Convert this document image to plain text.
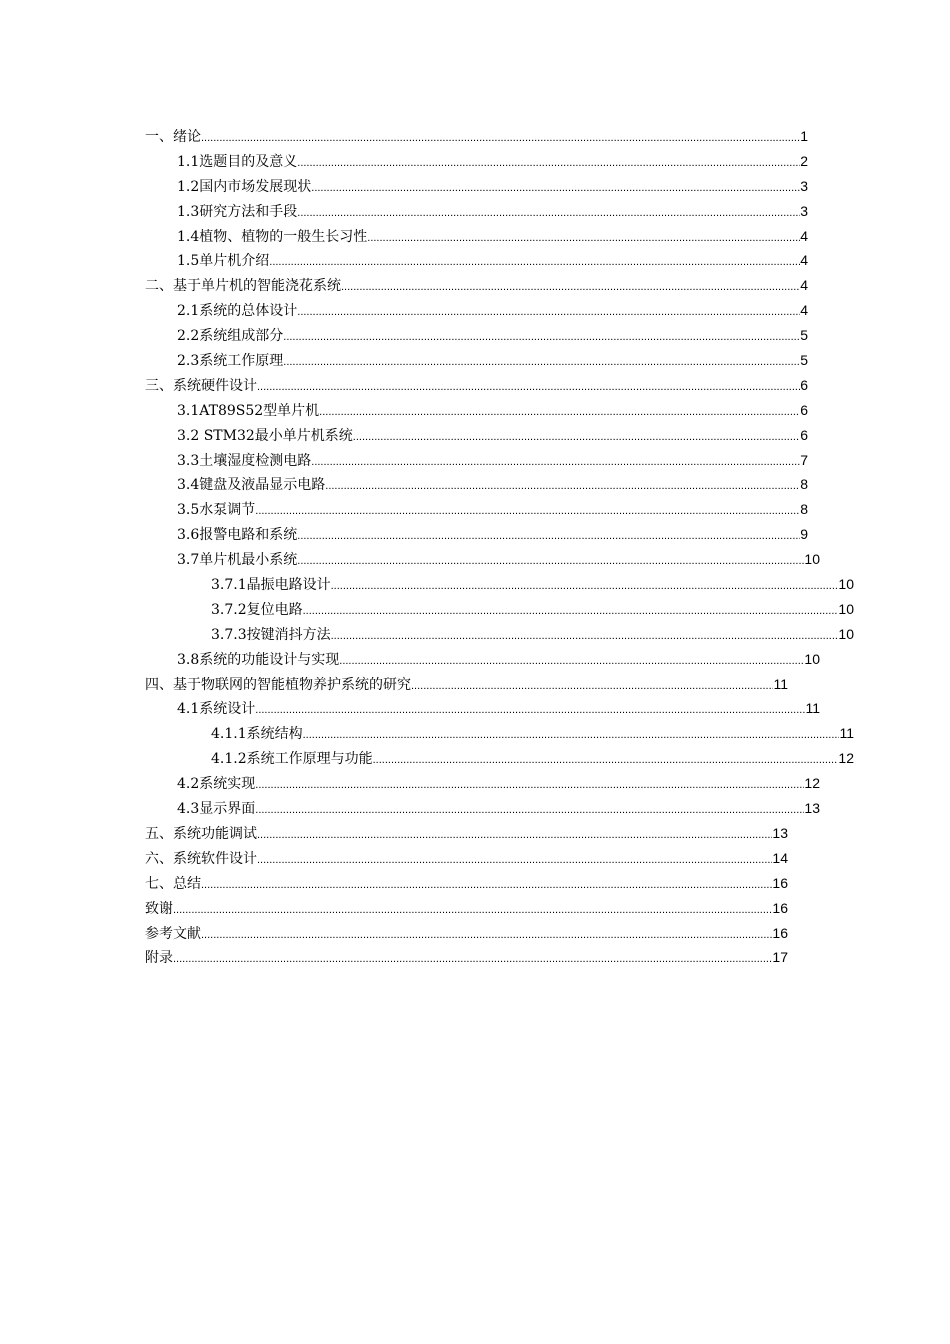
一、绪论 .....	1
1.1选题目的及意义 .....	2
1.2国内市场发展现状 .....	3
1.3研究方法和手段 .....	3
1.4植物、植物的一般生长习性 .....	4
1.5单片机介绍 .....	4
二、基于单片机的智能浇花系统 .....	4
2.1系统的总体设计 .....	4
2.2系统组成部分 .....	5
2.3系统工作原理 .....	5
三、系统硬件设计 .....	6
3.1AT89S52型单片机 .....	6
3.2 STM32最小单片机系统 .....	6
3.3土壤湿度检测电路 .....	7
3.4键盘及液晶显示电路 .....	8
3.5水泵调节 .....	8
3.6报警电路和系统 .....	9
3.7单片机最小系统 .....	10
3.7.1晶振电路设计 .....	10
3.7.2复位电路 .....	10
3.7.3按键消抖方法 .....	10
3.8系统的功能设计与实现 .....	10
四、基于物联网的智能植物养护系统的研究 .....	11
4.1系统设计 .....	11
4.1.1系统结构 .....	11
4.1.2系统工作原理与功能 .....	12
4.2系统实现 .....	12
4.3显示界面 .....	13
五、系统功能调试 .....	13
六、系统软件设计 .....	14
七、总结 .....	16
致谢 .....	16
参考文献 .....	16
附录 .....	17
